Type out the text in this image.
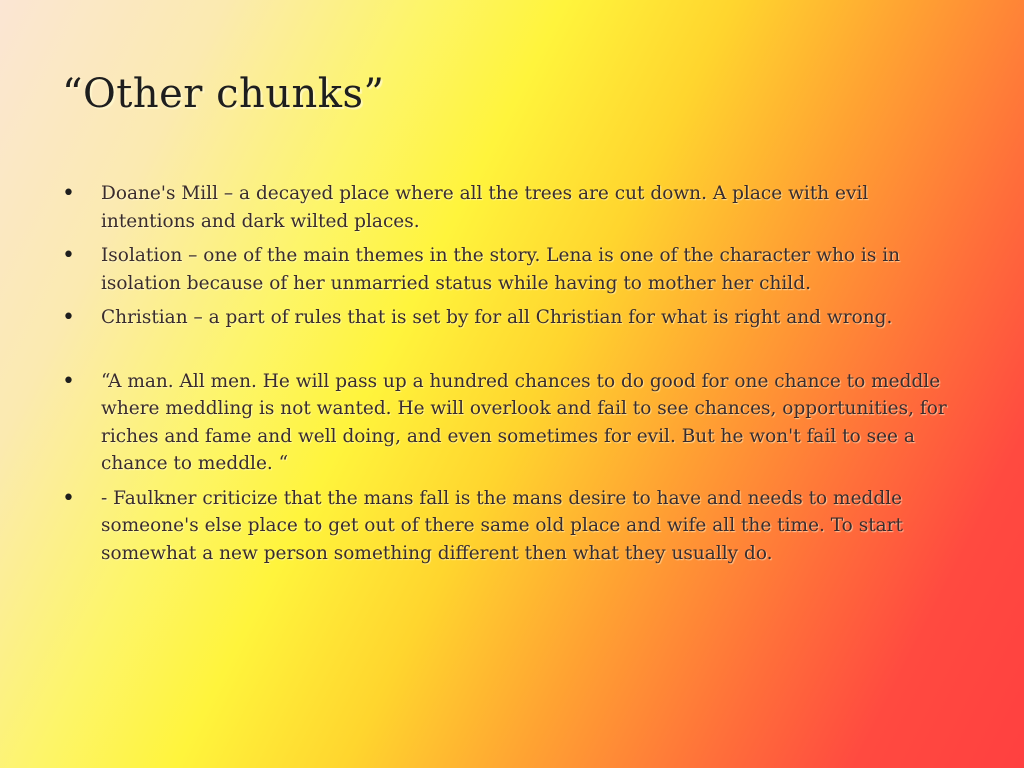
“Other chunks”
• Doane's Mill – a decayed place where all the trees are cut down. A place with evil intentions and dark wilted places.
• Isolation – one of the main themes in the story. Lena is one of the character who is in isolation because of her unmarried status while having to mother her child.
• Christian – a part of rules that is set by for all Christian for what is right and wrong.
• “A man. All men. He will pass up a hundred chances to do good for one chance to meddle where meddling is not wanted. He will overlook and fail to see chances, opportunities, for riches and fame and well doing, and even sometimes for evil. But he won't fail to see a chance to meddle. “
• - Faulkner criticize that the mans fall is the mans desire to have and needs to meddle someone's else place to get out of there same old place and wife all the time. To start somewhat a new person something different then what they usually do.
